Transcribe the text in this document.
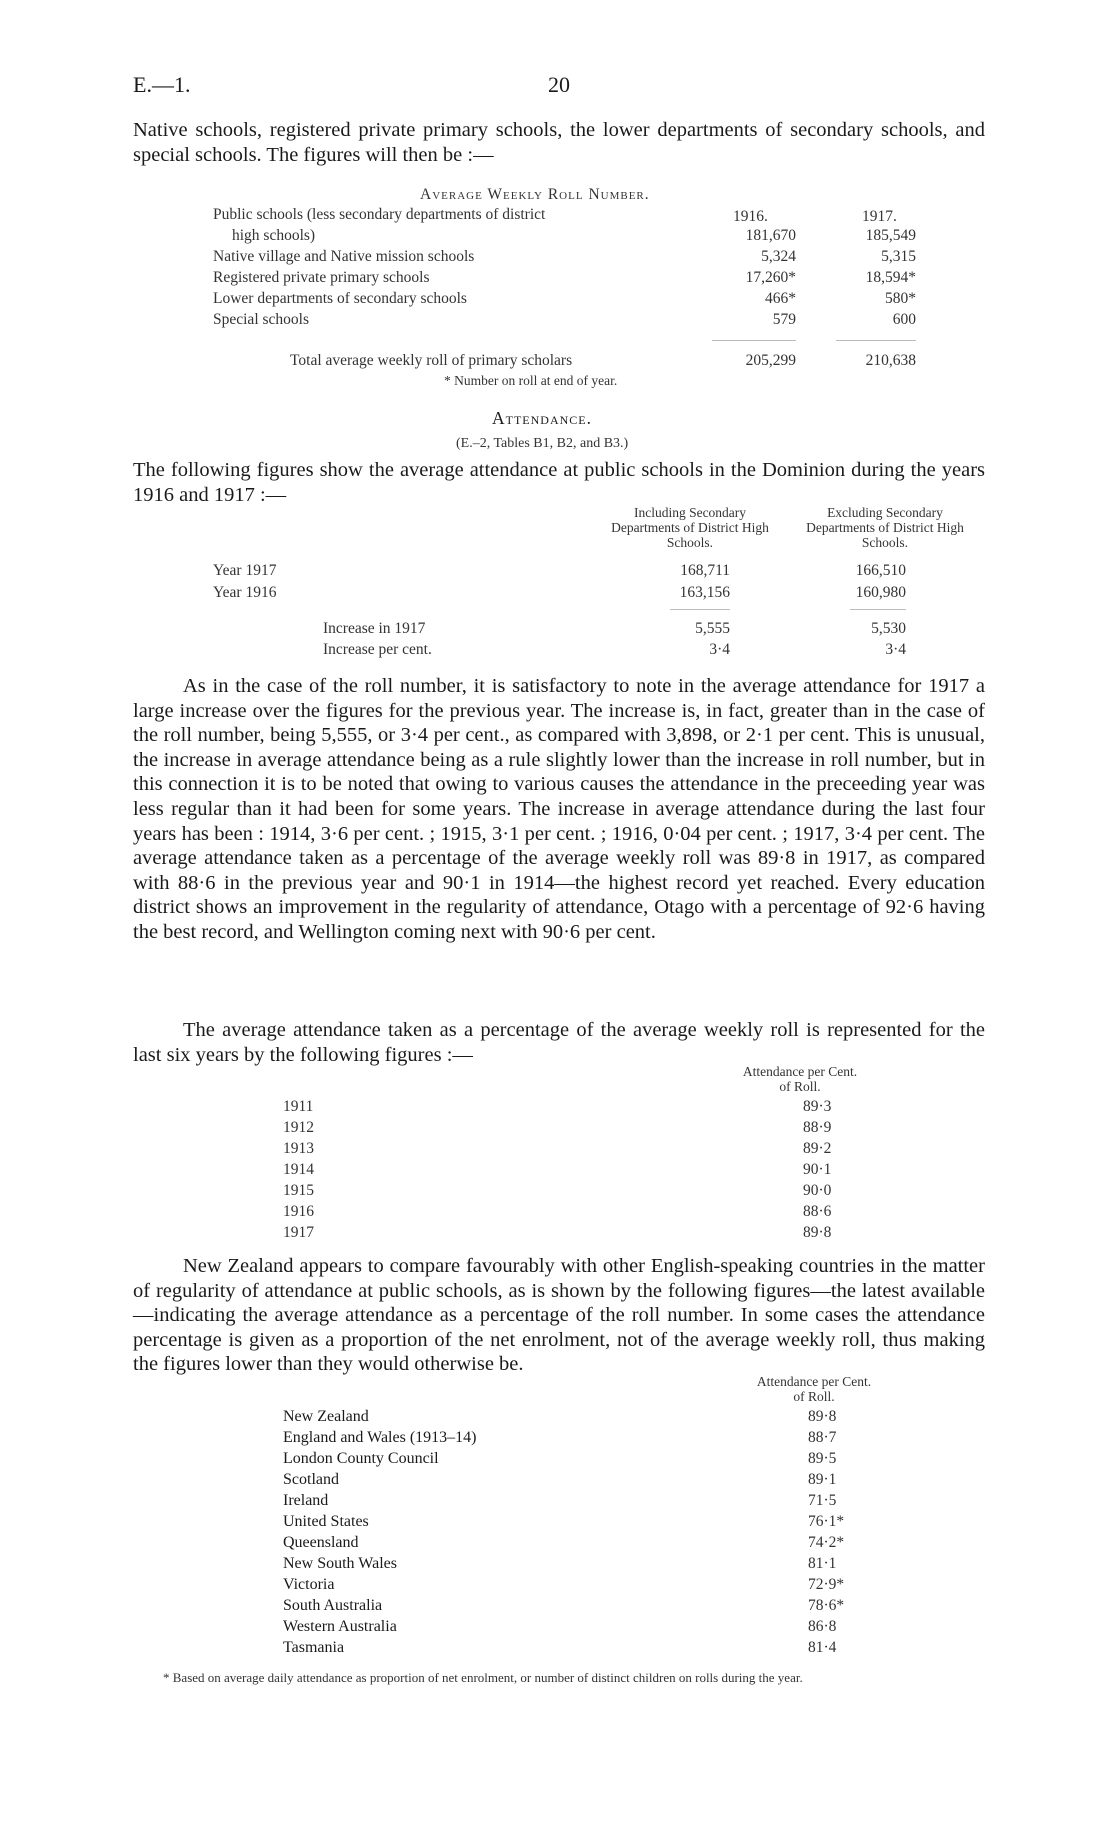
E.—1.	20
Native schools, registered private primary schools, the lower departments of secondary schools, and special schools. The figures will then be :—
Average Weekly Roll Number.
1916.	1917.
Public schools (less secondary departments of district
high schools)	181,670	185,549
Native village and Native mission schools	5,324	5,315
Registered private primary schools	17,260*	18,594*
Lower departments of secondary schools	466*	580*
Special schools	579	600
Total average weekly roll of primary scholars	205,299	210,638
* Number on roll at end of year.
Attendance.
(E.–2, Tables B1, B2, and B3.)
The following figures show the average attendance at public schools in the Dominion during the years 1916 and 1917 :—
Including Secondary Departments of District High Schools.
Excluding Secondary Departments of District High Schools.
Year 1917	168,711	166,510
Year 1916	163,156	160,980
Increase in 1917	5,555	5,530
Increase per cent.	3·4	3·4
As in the case of the roll number, it is satisfactory to note in the average attendance for 1917 a large increase over the figures for the previous year. The increase is, in fact, greater than in the case of the roll number, being 5,555, or 3·4 per cent., as compared with 3,898, or 2·1 per cent. This is unusual, the increase in average attendance being as a rule slightly lower than the increase in roll number, but in this connection it is to be noted that owing to various causes the attendance in the preceeding year was less regular than it had been for some years. The increase in average attendance during the last four years has been : 1914, 3·6 per cent. ; 1915, 3·1 per cent. ; 1916, 0·04 per cent. ; 1917, 3·4 per cent. The average attendance taken as a percentage of the average weekly roll was 89·8 in 1917, as compared with 88·6 in the previous year and 90·1 in 1914—the highest record yet reached. Every education district shows an improvement in the regularity of attendance, Otago with a percentage of 92·6 having the best record, and Wellington coming next with 90·6 per cent.
The average attendance taken as a percentage of the average weekly roll is represented for the last six years by the following figures :—
Attendance per Cent. of Roll.
1911	89·3
1912	88·9
1913	89·2
1914	90·1
1915	90·0
1916	88·6
1917	89·8
New Zealand appears to compare favourably with other English-speaking countries in the matter of regularity of attendance at public schools, as is shown by the following figures—the latest available—indicating the average attendance as a percentage of the roll number. In some cases the attendance percentage is given as a proportion of the net enrolment, not of the average weekly roll, thus making the figures lower than they would otherwise be.
Attendance per Cent. of Roll.
New Zealand	89·8
England and Wales (1913–14)	88·7
London County Council	89·5
Scotland	89·1
Ireland	71·5
United States	76·1*
Queensland	74·2*
New South Wales	81·1
Victoria	72·9*
South Australia	78·6*
Western Australia	86·8
Tasmania	81·4
* Based on average daily attendance as proportion of net enrolment, or number of distinct children on rolls during the year.
